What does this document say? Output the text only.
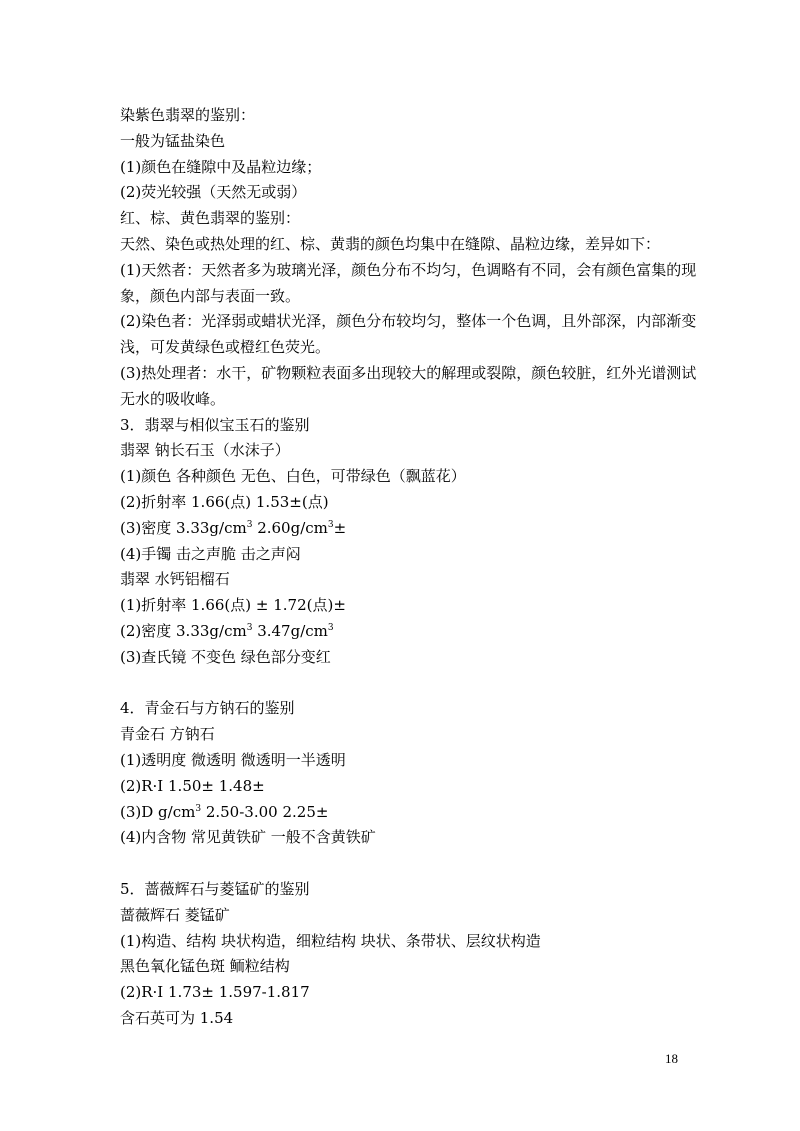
染紫色翡翠的鉴别：
一般为锰盐染色
(1)颜色在缝隙中及晶粒边缘；
(2)荧光较强（天然无或弱）
红、棕、黄色翡翠的鉴别：
天然、染色或热处理的红、棕、黄翡的颜色均集中在缝隙、晶粒边缘，差异如下：
(1)天然者：天然者多为玻璃光泽，颜色分布不均匀，色调略有不同，会有颜色富集的现
象，颜色内部与表面一致。
(2)染色者：光泽弱或蜡状光泽，颜色分布较均匀，整体一个色调，且外部深，内部渐变
浅，可发黄绿色或橙红色荧光。
(3)热处理者：水干，矿物颗粒表面多出现较大的解理或裂隙，颜色较脏，红外光谱测试
无水的吸收峰。
3．翡翠与相似宝玉石的鉴别
翡翠 钠长石玉（水沫子）
(1)颜色 各种颜色 无色、白色，可带绿色（飘蓝花）
(2)折射率 1.66(点) 1.53±(点)
(3)密度 $3.33g/cm^3$ $2.60g/cm^3\pm$
(4)手镯 击之声脆 击之声闷
翡翠 水钙铝榴石
(1)折射率 1.66(点) ± 1.72(点)±
(2)密度 $3.33g/cm^3$ $3.47g/cm^3$
(3)查氏镜 不变色 绿色部分变红
4．青金石与方钠石的鉴别
青金石 方钠石
(1)透明度 微透明 微透明一半透明
(2)R·I 1.50± 1.48±
(3)D $g/cm^3$ 2.50-3.00 2.25±
(4)内含物 常见黄铁矿 一般不含黄铁矿
5．蔷薇辉石与菱锰矿的鉴别
蔷薇辉石 菱锰矿
(1)构造、结构 块状构造，细粒结构 块状、条带状、层纹状构造
黑色氧化锰色斑 鲕粒结构
(2)R·I 1.73± 1.597-1.817
含石英可为 1.54
18
